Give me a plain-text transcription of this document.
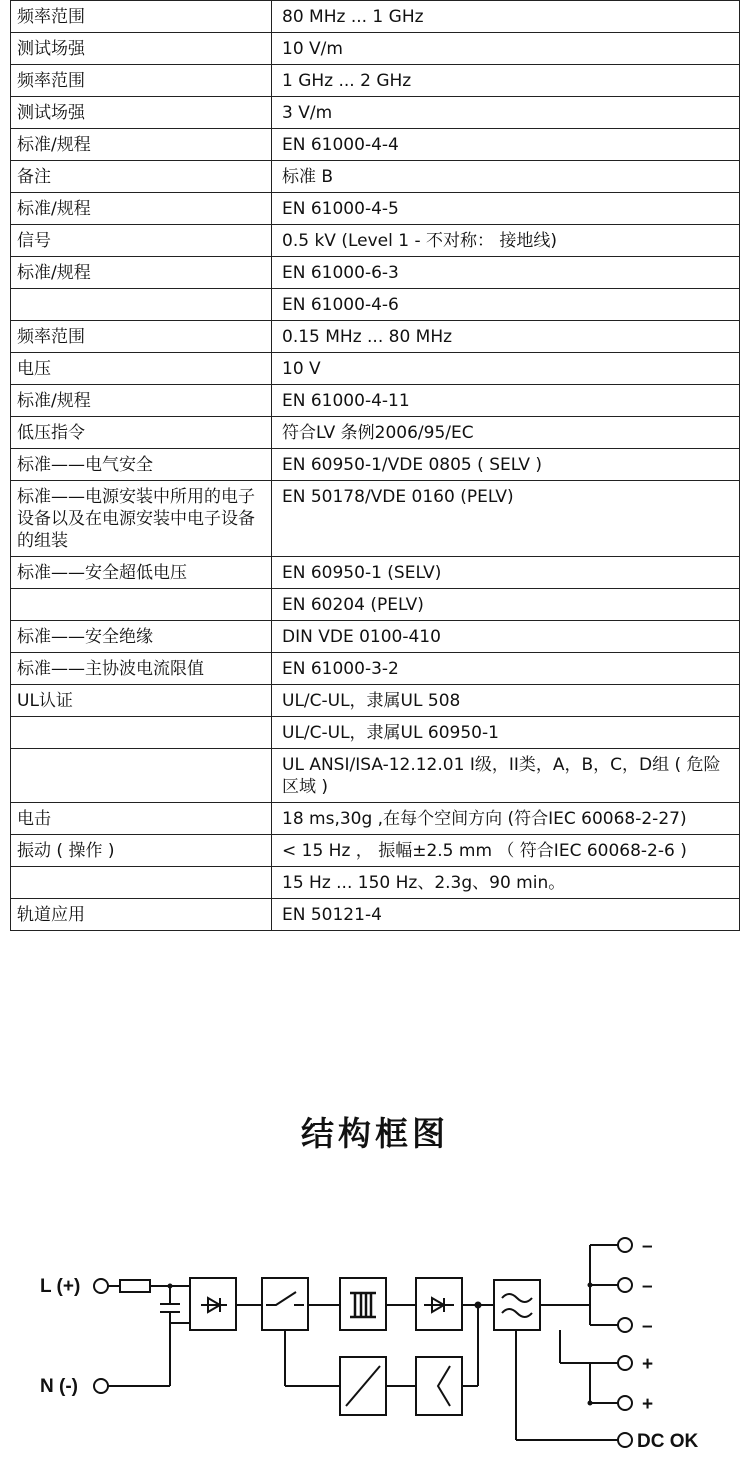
频率范围	80 MHz ... 1 GHz
测试场强	10 V/m
频率范围	1 GHz ... 2 GHz
测试场强	3 V/m
标准/规程	EN 61000-4-4
备注	标准 B
标准/规程	EN 61000-4-5
信号	0.5 kV (Level 1 - 不对称： 接地线)
标准/规程	EN 61000-6-3
	EN 61000-4-6
频率范围	0.15 MHz ... 80 MHz
电压	10 V
标准/规程	EN 61000-4-11
低压指令	符合LV 条例2006/95/EC
标准——电气安全	EN 60950-1/VDE 0805 ( SELV )
标准——电源安装中所用的电子设备以及在电源安装中电子设备的组装	EN 50178/VDE 0160 (PELV)
标准——安全超低电压	EN 60950-1 (SELV)
	EN 60204 (PELV)
标准——安全绝缘	DIN VDE 0100-410
标准——主协波电流限值	EN 61000-3-2
UL认证	UL/C-UL，隶属UL 508
	UL/C-UL，隶属UL 60950-1
	UL ANSI/ISA-12.12.01 I级，II类，A，B，C，D组 ( 危险区域 )
电击	18 ms,30g ,在每个空间方向 (符合IEC 60068-2-27)
振动 ( 操作 )	< 15 Hz ， 振幅±2.5 mm （ 符合IEC 60068-2-6 )
	15 Hz ... 150 Hz、2.3g、90 min。
轨道应用	EN 50121-4
结构框图
L (+)
N (-)
–
–
–
+
+
DC OK
